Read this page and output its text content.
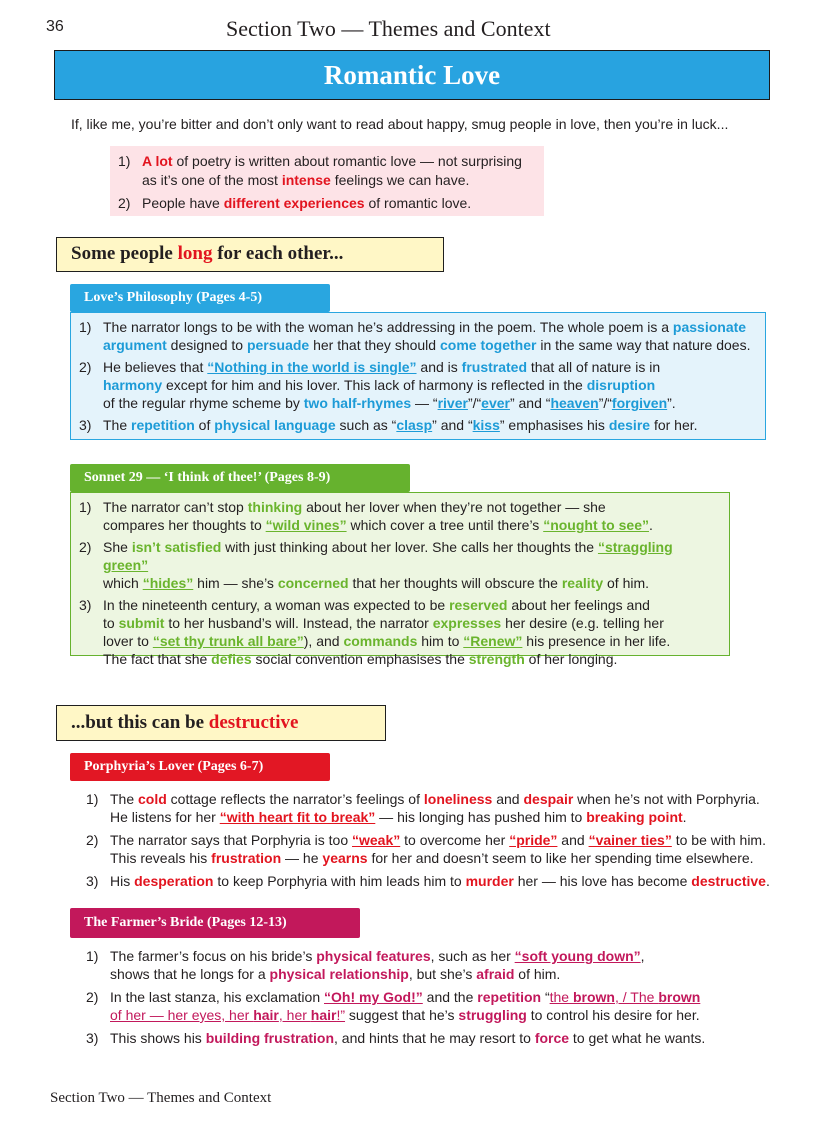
36	Section Two — Themes and Context
Romantic Love
If, like me, you’re bitter and don’t only want to read about happy, smug people in love, then you’re in luck...
1) A lot of poetry is written about romantic love — not surprising
as it’s one of the most intense feelings we can have.
2) People have different experiences of romantic love.
Some people long for each other...
Love’s Philosophy (Pages 4-5)
1) The narrator longs to be with the woman he’s addressing in the poem. The whole poem is a passionate
argument designed to persuade her that they should come together in the same way that nature does.
2) He believes that “Nothing in the world is single” and is frustrated that all of nature is in
harmony except for him and his lover. This lack of harmony is reflected in the disruption
of the regular rhyme scheme by two half-rhymes — “river”/“ever” and “heaven”/“forgiven”.
3) The repetition of physical language such as “clasp” and “kiss” emphasises his desire for her.
Sonnet 29 — ‘I think of thee!’ (Pages 8-9)
1) The narrator can’t stop thinking about her lover when they’re not together — she
compares her thoughts to “wild vines” which cover a tree until there’s “nought to see”.
2) She isn’t satisfied with just thinking about her lover. She calls her thoughts the “straggling green”
which “hides” him — she’s concerned that her thoughts will obscure the reality of him.
3) In the nineteenth century, a woman was expected to be reserved about her feelings and
to submit to her husband’s will. Instead, the narrator expresses her desire (e.g. telling her
lover to “set thy trunk all bare”), and commands him to “Renew” his presence in her life.
The fact that she defies social convention emphasises the strength of her longing.
...but this can be destructive
Porphyria’s Lover (Pages 6-7)
1) The cold cottage reflects the narrator’s feelings of loneliness and despair when he’s not with Porphyria.
He listens for her “with heart fit to break” — his longing has pushed him to breaking point.
2) The narrator says that Porphyria is too “weak” to overcome her “pride” and “vainer ties” to be with him.
This reveals his frustration — he yearns for her and doesn’t seem to like her spending time elsewhere.
3) His desperation to keep Porphyria with him leads him to murder her — his love has become destructive.
The Farmer’s Bride (Pages 12-13)
1) The farmer’s focus on his bride’s physical features, such as her “soft young down”,
shows that he longs for a physical relationship, but she’s afraid of him.
2) In the last stanza, his exclamation “Oh! my God!” and the repetition “the brown, / The brown
of her — her eyes, her hair, her hair!” suggest that he’s struggling to control his desire for her.
3) This shows his building frustration, and hints that he may resort to force to get what he wants.
Section Two — Themes and Context
